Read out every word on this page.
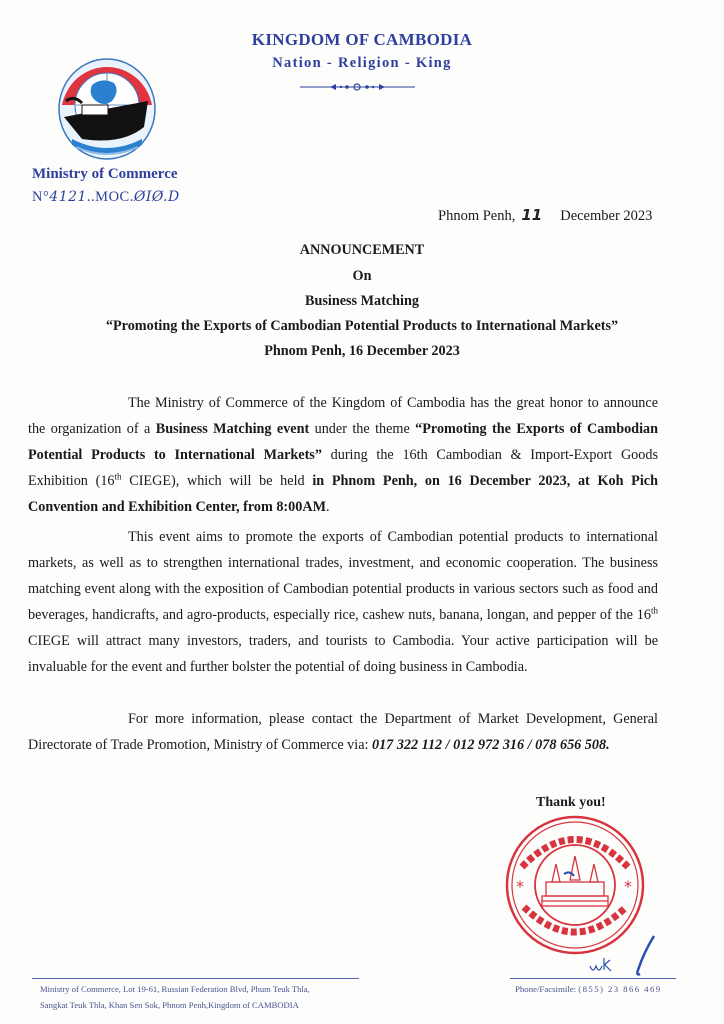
KINGDOM OF CAMBODIA
Nation - Religion - King
Ministry of Commerce
N°4121..MOC.ØIØ.D
Phnom Penh, 11 December 2023
ANNOUNCEMENT
On
Business Matching
“Promoting the Exports of Cambodian Potential Products to International Markets”
Phnom Penh, 16 December 2023

The Ministry of Commerce of the Kingdom of Cambodia has the great honor to announce the organization of a Business Matching event under the theme “Promoting the Exports of Cambodian Potential Products to International Markets” during the 16th Cambodian & Import-Export Goods Exhibition (16th CIEGE), which will be held in Phnom Penh, on 16 December 2023, at Koh Pich Convention and Exhibition Center, from 8:00AM.

This event aims to promote the exports of Cambodian potential products to international markets, as well as to strengthen international trades, investment, and economic cooperation. The business matching event along with the exposition of Cambodian potential products in various sectors such as food and beverages, handicrafts, and agro-products, especially rice, cashew nuts, banana, longan, and pepper of the 16th CIEGE will attract many investors, traders, and tourists to Cambodia. Your active participation will be invaluable for the event and further bolster the potential of doing business in Cambodia.

For more information, please contact the Department of Market Development, General Directorate of Trade Promotion, Ministry of Commerce via: 017 322 112 / 012 972 316 / 078 656 508.

Thank you!
*	*
Ministry of Commerce, Lot 19-61, Russian Federation Blvd, Phum Teuk Thla,
Sangkat Teuk Thla, Khan Sen Sok, Phnom Penh,Kingdom of CAMBODIA
Phone/Facsimile: (855) 23 866 469
